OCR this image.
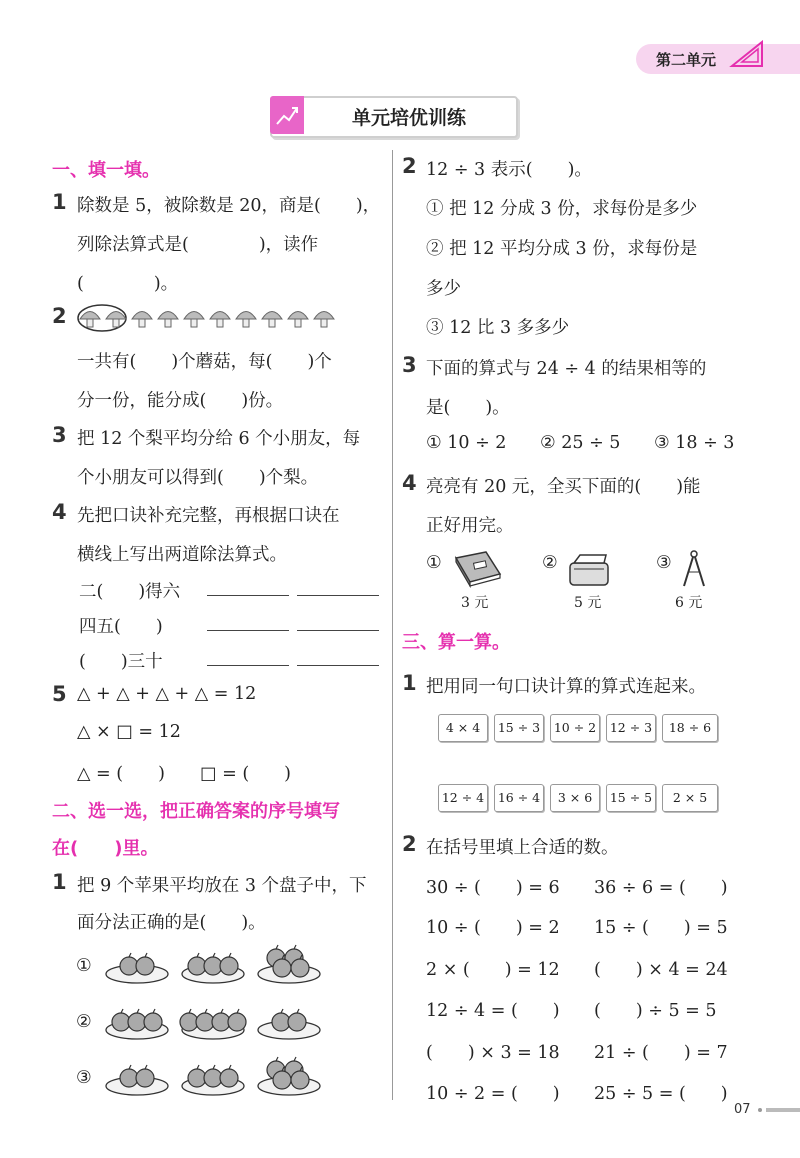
第二单元
单元培优训练
一、填一填。
1 除数是 5，被除数是 20，商是(　　)，
列除法算式是(　　　　)，读作
(　　　　)。
2
一共有(　　)个蘑菇，每(　　)个
分一份，能分成(　　)份。
3 把 12 个梨平均分给 6 个小朋友，每
个小朋友可以得到(　　)个梨。
4 先把口诀补充完整，再根据口诀在
横线上写出两道除法算式。
二(　　)得六
四五(　　)
(　　)三十
5 △ + △ + △ + △ = 12
△ × □ = 12
△ = (　　) □ = (　　)
二、选一选，把正确答案的序号填写
在(　　)里。
1 把 9 个苹果平均放在 3 个盘子中，下
面分法正确的是(　　)。
①
②
③
2 12 ÷ 3 表示(　　)。
① 把 12 分成 3 份，求每份是多少
② 把 12 平均分成 3 份，求每份是
多少
③ 12 比 3 多多少
3 下面的算式与 24 ÷ 4 的结果相等的
是(　　)。
① 10 ÷ 2 ② 25 ÷ 5 ③ 18 ÷ 3
4 亮亮有 20 元，全买下面的(　　)能
正好用完。
①
3 元
②
5 元
③
6 元
三、算一算。
1 把用同一句口诀计算的算式连起来。
4 × 4	15 ÷ 3	10 ÷ 2	12 ÷ 3	18 ÷ 6
12 ÷ 4	16 ÷ 4	3 × 6	15 ÷ 5	2 × 5
2 在括号里填上合适的数。
30 ÷ (　　) = 6 36 ÷ 6 = (　　)
10 ÷ (　　) = 2 15 ÷ (　　) = 5
2 × (　　) = 12 (　　) × 4 = 24
12 ÷ 4 = (　　) (　　) ÷ 5 = 5
(　　) × 3 = 18 21 ÷ (　　) = 7
10 ÷ 2 = (　　) 25 ÷ 5 = (　　)
07
